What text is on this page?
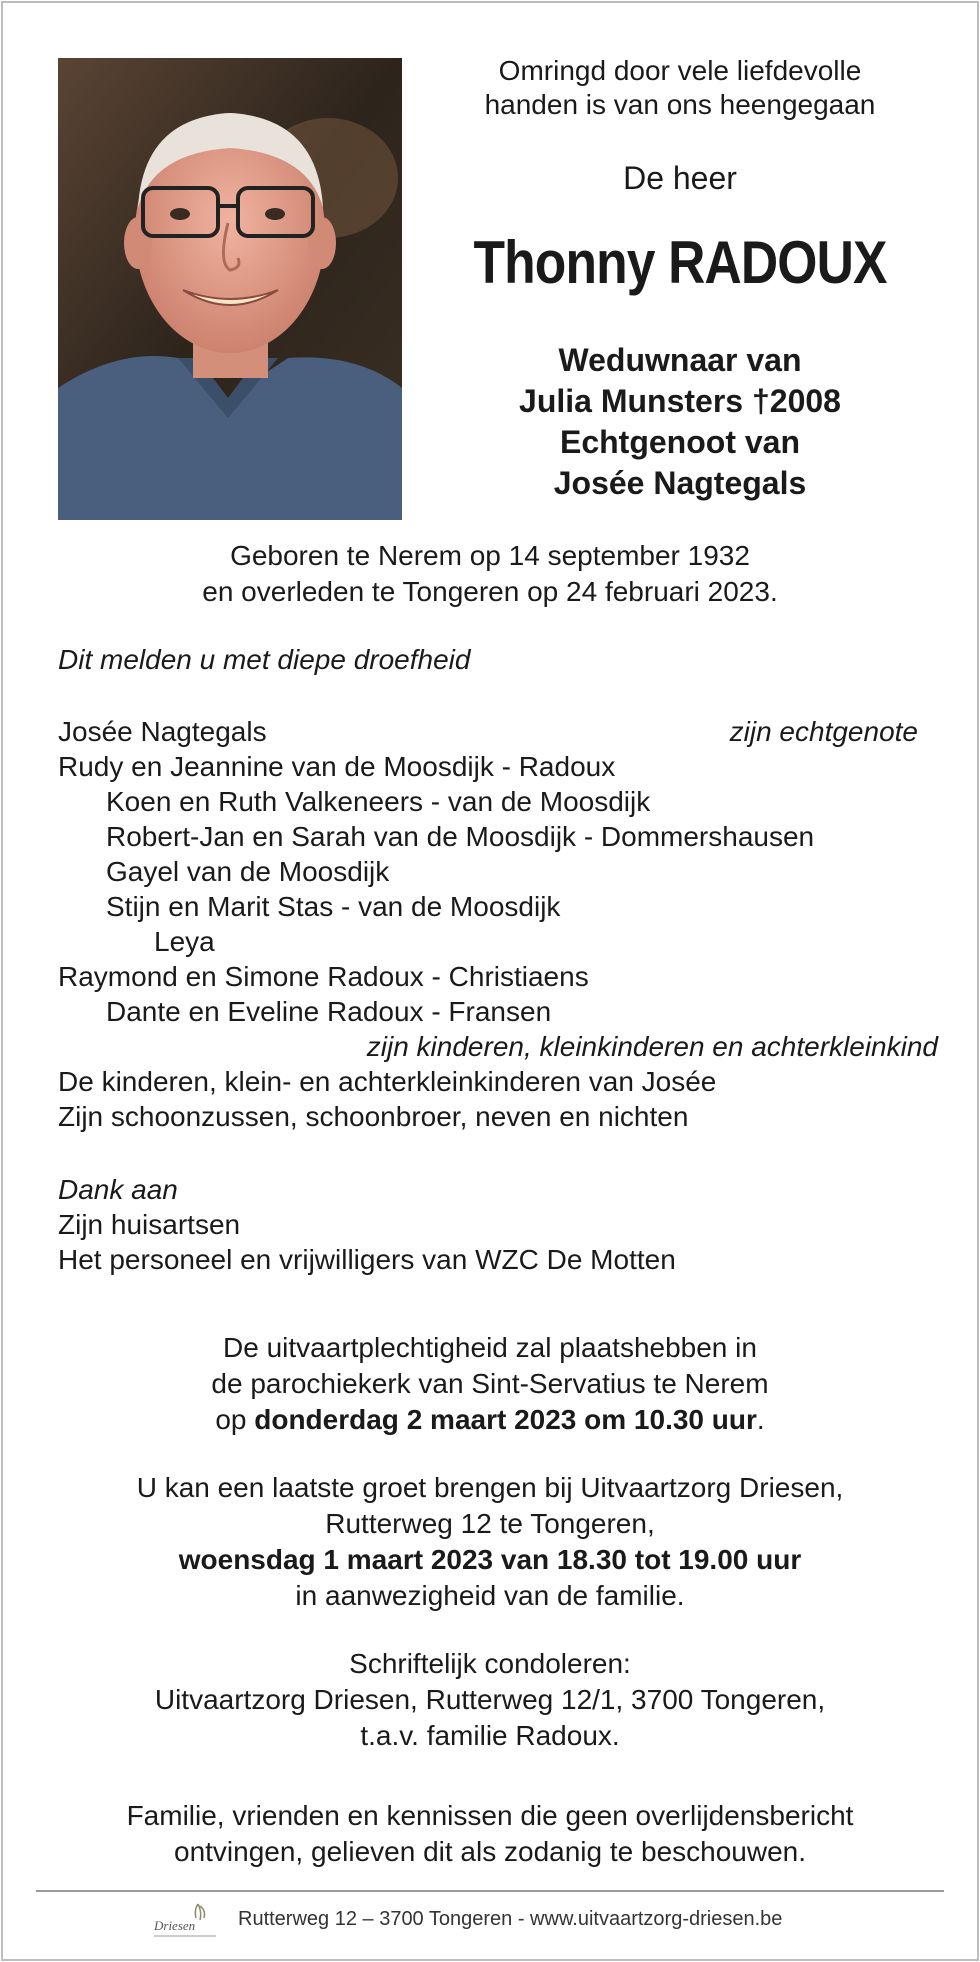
Omringd door vele liefdevolle
handen is van ons heengegaan
De heer
Thonny RADOUX
Weduwnaar van
Julia Munsters †2008
Echtgenoot van
Josée Nagtegals
Geboren te Nerem op 14 september 1932
en overleden te Tongeren op 24 februari 2023.
Dit melden u met diepe droefheid
Josée Nagtegals	zijn echtgenote
Rudy en Jeannine van de Moosdijk - Radoux
Koen en Ruth Valkeneers - van de Moosdijk
Robert-Jan en Sarah van de Moosdijk - Dommershausen
Gayel van de Moosdijk
Stijn en Marit Stas - van de Moosdijk
Leya
Raymond en Simone Radoux - Christiaens
Dante en Eveline Radoux - Fransen
zijn kinderen, kleinkinderen en achterkleinkind
De kinderen, klein- en achterkleinkinderen van Josée
Zijn schoonzussen, schoonbroer, neven en nichten
Dank aan
Zijn huisartsen
Het personeel en vrijwilligers van WZC De Motten
De uitvaartplechtigheid zal plaatshebben in
de parochiekerk van Sint-Servatius te Nerem
op donderdag 2 maart 2023 om 10.30 uur.
U kan een laatste groet brengen bij Uitvaartzorg Driesen,
Rutterweg 12 te Tongeren,
woensdag 1 maart 2023 van 18.30 tot 19.00 uur
in aanwezigheid van de familie.
Schriftelijk condoleren:
Uitvaartzorg Driesen, Rutterweg 12/1, 3700 Tongeren,
t.a.v. familie Radoux.
Familie, vrienden en kennissen die geen overlijdensbericht
ontvingen, gelieven dit als zodanig te beschouwen.
Driesen Rutterweg 12 – 3700 Tongeren - www.uitvaartzorg-driesen.be
